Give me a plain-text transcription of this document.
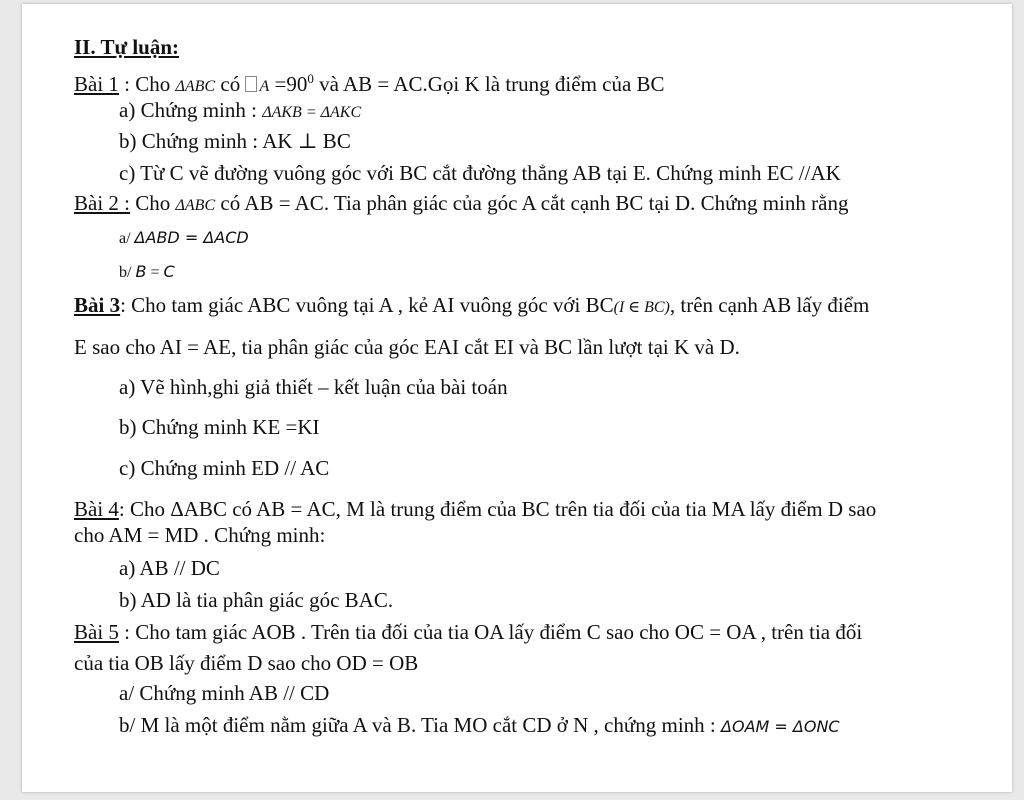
II. Tự luận:
Bài 1 : Cho ΔABC có $A =90^0$ và AB = AC.Gọi K là trung điểm của BC
a) Chứng minh : ΔAKB = ΔAKC
b) Chứng minh : AK ⊥ BC
c) Từ C vẽ đường vuông góc với BC cắt đường thẳng AB tại E. Chứng minh EC //AK
Bài 2 : Cho ΔABC có AB = AC. Tia phân giác của góc A cắt cạnh BC tại D. Chứng minh rằng
a/ ΔABD = ΔACD
b/ B = C
Bài 3: Cho tam giác ABC vuông tại A , kẻ AI vuông góc với BC(I ∈ BC), trên cạnh AB lấy điểm
E sao cho AI = AE, tia phân giác của góc EAI cắt EI và BC lần lượt tại K và D.
a) Vẽ hình,ghi giả thiết – kết luận của bài toán
b) Chứng minh KE =KI
c) Chứng minh ED // AC
Bài 4: Cho ΔABC có AB = AC, M là trung điểm của BC trên tia đối của tia MA lấy điểm D sao
cho AM = MD . Chứng minh:
a) AB // DC
b) AD là tia phân giác góc BAC.
Bài 5 : Cho tam giác AOB . Trên tia đối của tia OA lấy điểm C sao cho OC = OA , trên tia đối
của tia OB lấy điểm D sao cho OD = OB
a/ Chứng minh AB // CD
b/ M là một điểm nằm giữa A và B. Tia MO cắt CD ở N , chứng minh : ΔOAM = ΔONC
